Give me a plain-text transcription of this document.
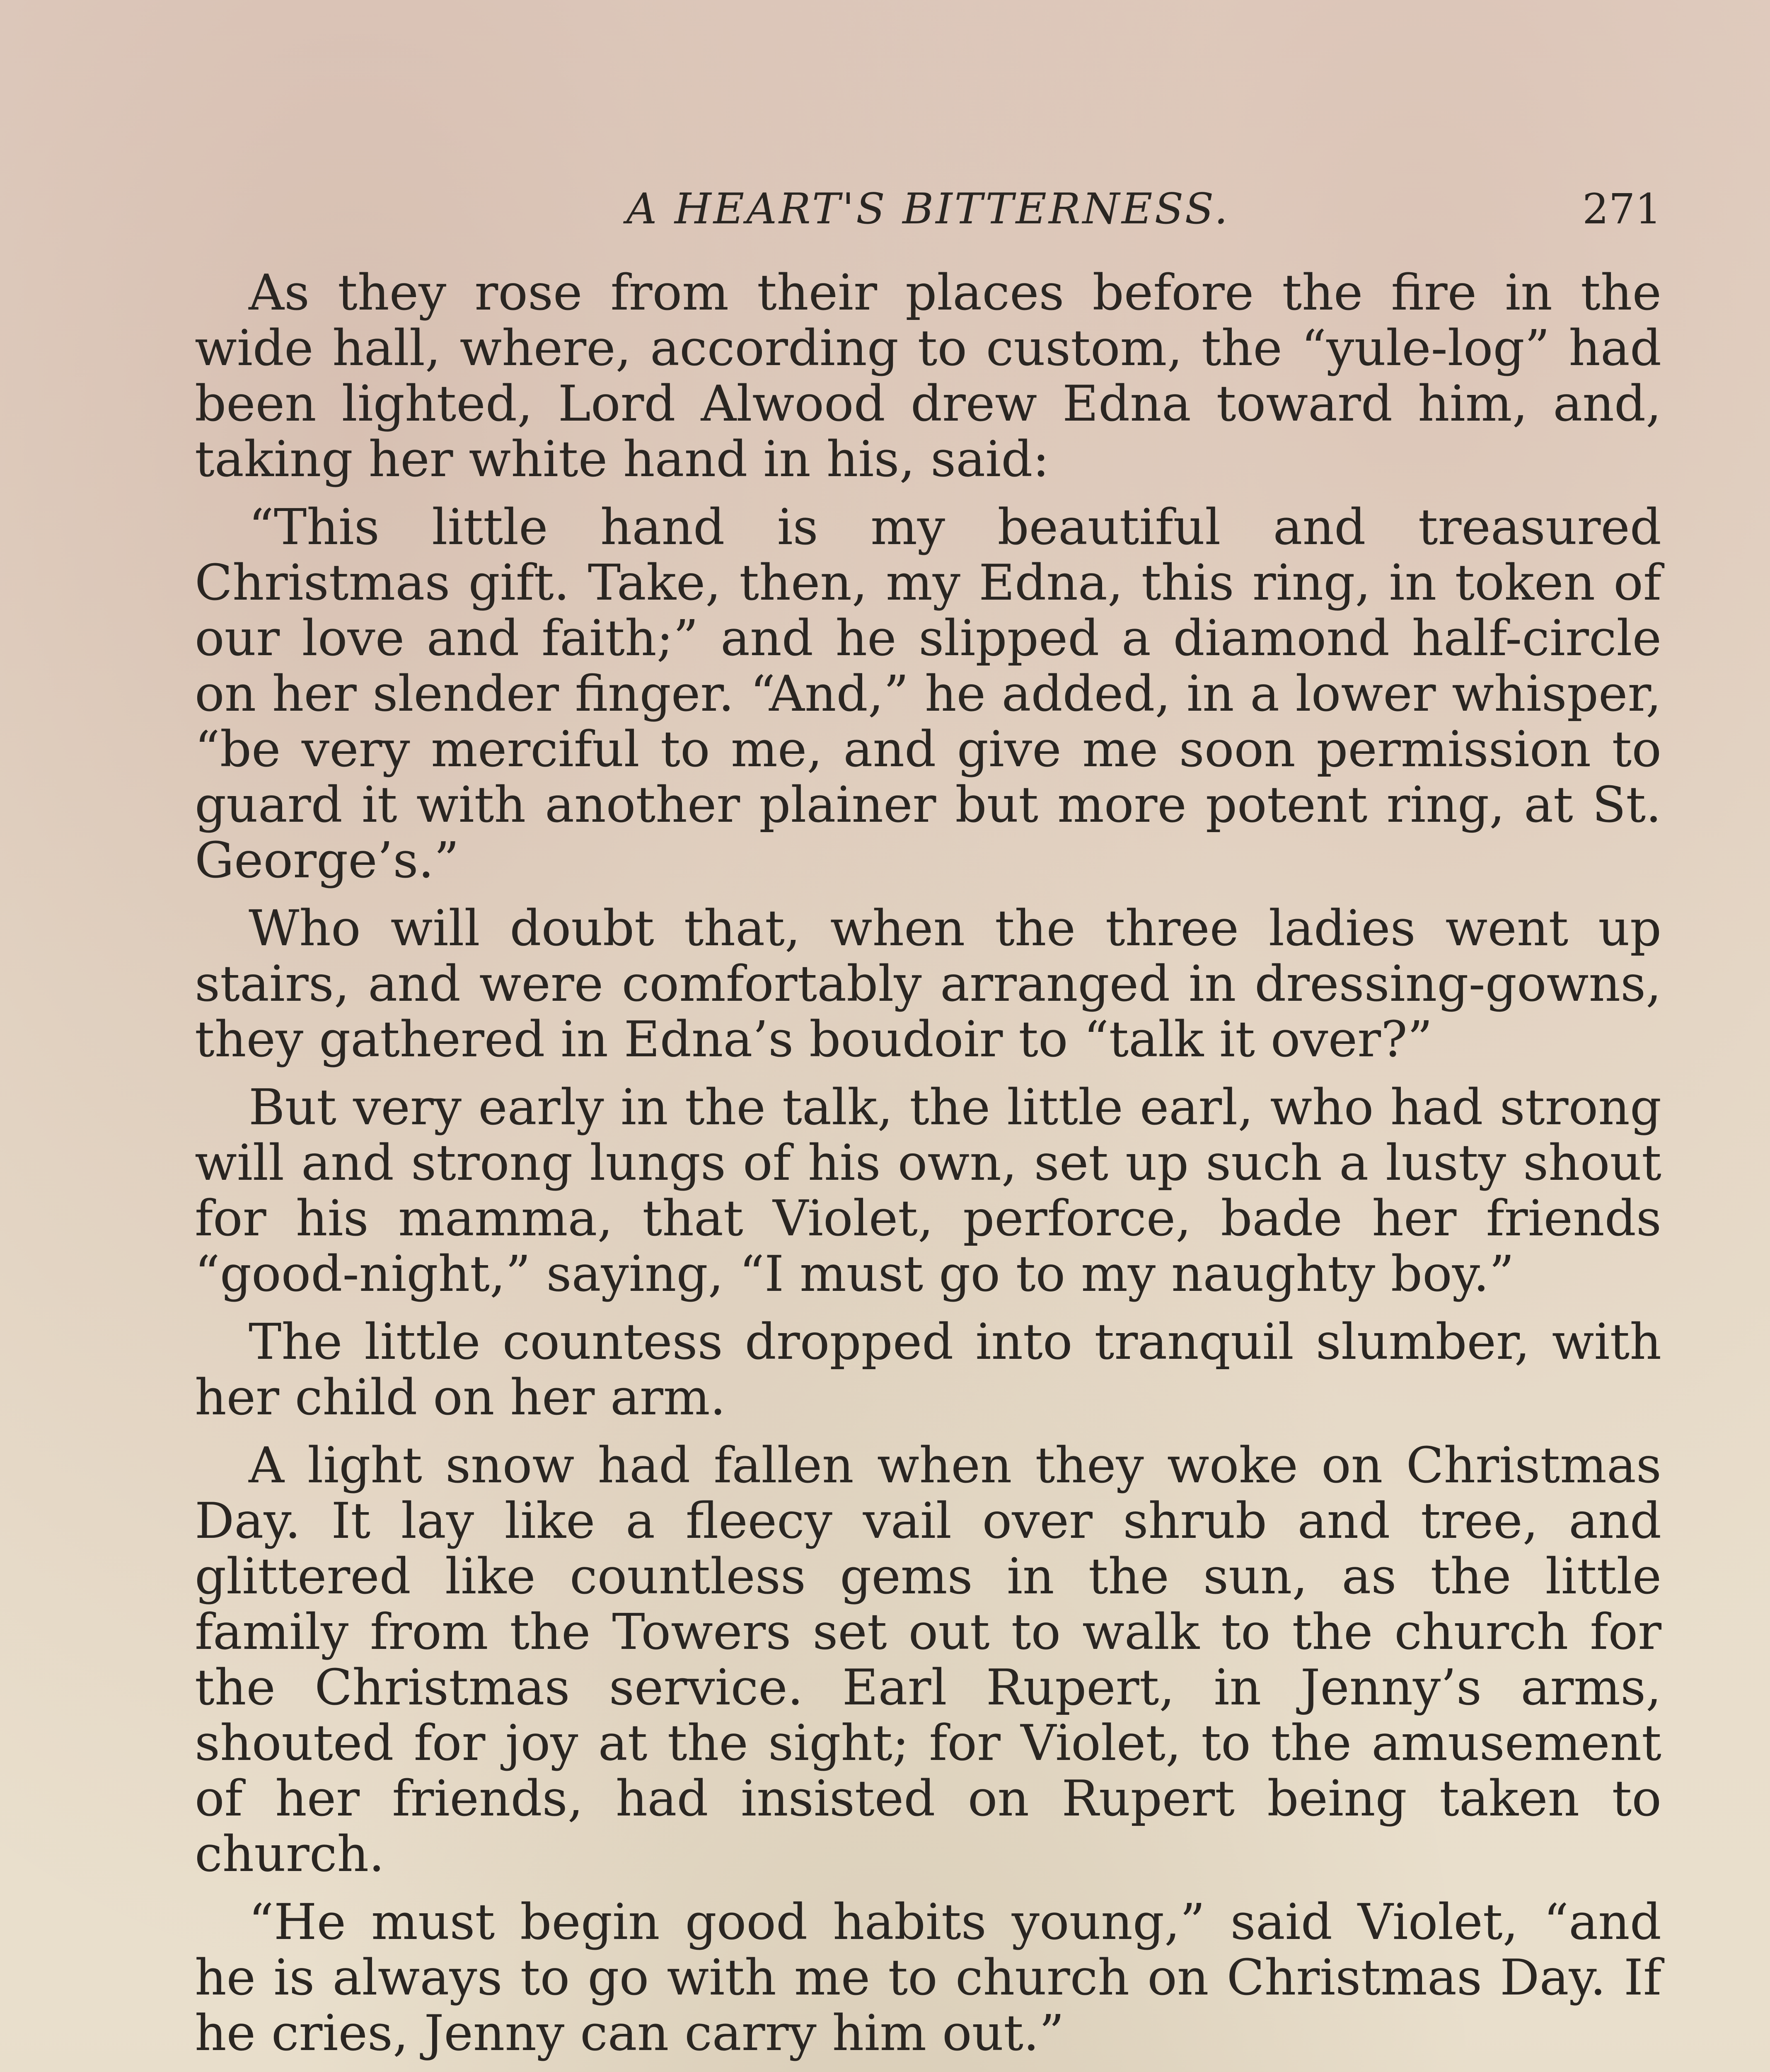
A HEART'S BITTERNESS.	271

As they rose from their places before the fire in the wide hall, where, according to custom, the “yule-log” had been lighted, Lord Alwood drew Edna toward him, and, taking her white hand in his, said:

“This little hand is my beautiful and treasured Christmas gift. Take, then, my Edna, this ring, in token of our love and faith;” and he slipped a diamond half-circle on her slender finger. “And,” he added, in a lower whisper, “be very merciful to me, and give me soon permission to guard it with another plainer but more potent ring, at St. George’s.”

Who will doubt that, when the three ladies went up stairs, and were comfortably arranged in dressing-gowns, they gathered in Edna’s boudoir to “talk it over?”

But very early in the talk, the little earl, who had strong will and strong lungs of his own, set up such a lusty shout for his mamma, that Violet, perforce, bade her friends “good-night,” saying, “I must go to my naughty boy.”

The little countess dropped into tranquil slumber, with her child on her arm.

A light snow had fallen when they woke on Christmas Day. It lay like a fleecy vail over shrub and tree, and glittered like countless gems in the sun, as the little family from the Towers set out to walk to the church for the Christmas service. Earl Rupert, in Jenny’s arms, shouted for joy at the sight; for Violet, to the amusement of her friends, had insisted on Rupert being taken to church.

“He must begin good habits young,” said Violet, “and he is always to go with me to church on Christmas Day. If he cries, Jenny can carry him out.”
